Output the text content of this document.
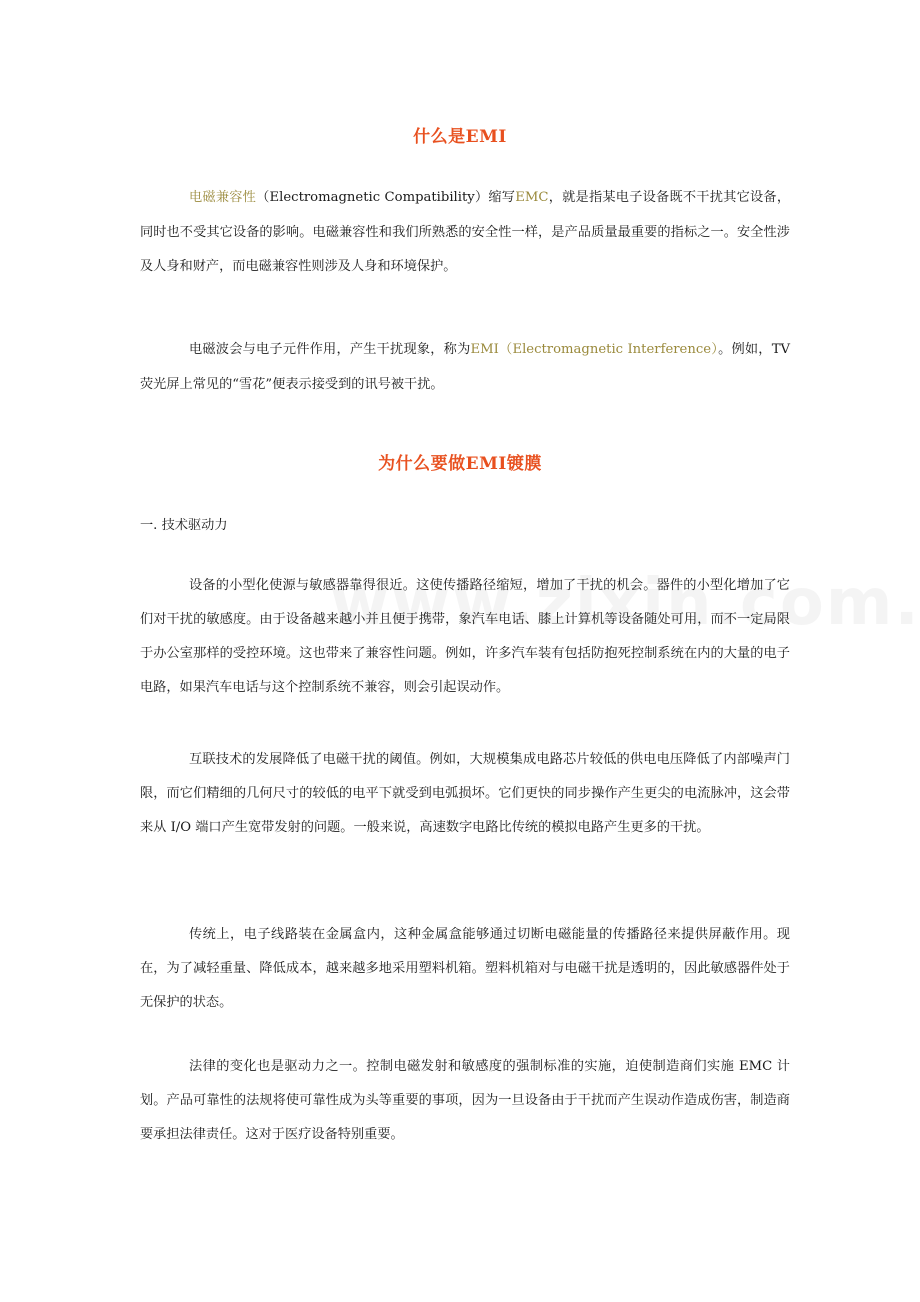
什么是EMI
电磁兼容性（Electromagnetic Compatibility）缩写EMC，就是指某电子设备既不干扰其它设备，同时也不受其它设备的影响。电磁兼容性和我们所熟悉的安全性一样，是产品质量最重要的指标之一。安全性涉及人身和财产，而电磁兼容性则涉及人身和环境保护。
电磁波会与电子元件作用，产生干扰现象，称为EMI（Electromagnetic Interference）。例如，TV 荧光屏上常见的“雪花”便表示接受到的讯号被干扰。
为什么要做EMI镀膜
一. 技术驱动力
设备的小型化使源与敏感器靠得很近。这使传播路径缩短，增加了干扰的机会。器件的小型化增加了它们对干扰的敏感度。由于设备越来越小并且便于携带，象汽车电话、膝上计算机等设备随处可用，而不一定局限于办公室那样的受控环境。这也带来了兼容性问题。例如，许多汽车装有包括防抱死控制系统在内的大量的电子电路，如果汽车电话与这个控制系统不兼容，则会引起误动作。
互联技术的发展降低了电磁干扰的阈值。例如，大规模集成电路芯片较低的供电电压降低了内部噪声门限，而它们精细的几何尺寸的较低的电平下就受到电弧损坏。它们更快的同步操作产生更尖的电流脉冲，这会带来从 I/O 端口产生宽带发射的问题。一般来说，高速数字电路比传统的模拟电路产生更多的干扰。
传统上，电子线路装在金属盒内，这种金属盒能够通过切断电磁能量的传播路径来提供屏蔽作用。现在，为了减轻重量、降低成本，越来越多地采用塑料机箱。塑料机箱对与电磁干扰是透明的，因此敏感器件处于无保护的状态。
法律的变化也是驱动力之一。控制电磁发射和敏感度的强制标准的实施，迫使制造商们实施 EMC 计划。产品可靠性的法规将使可靠性成为头等重要的事项，因为一旦设备由于干扰而产生误动作造成伤害，制造商要承担法律责任。这对于医疗设备特别重要。
